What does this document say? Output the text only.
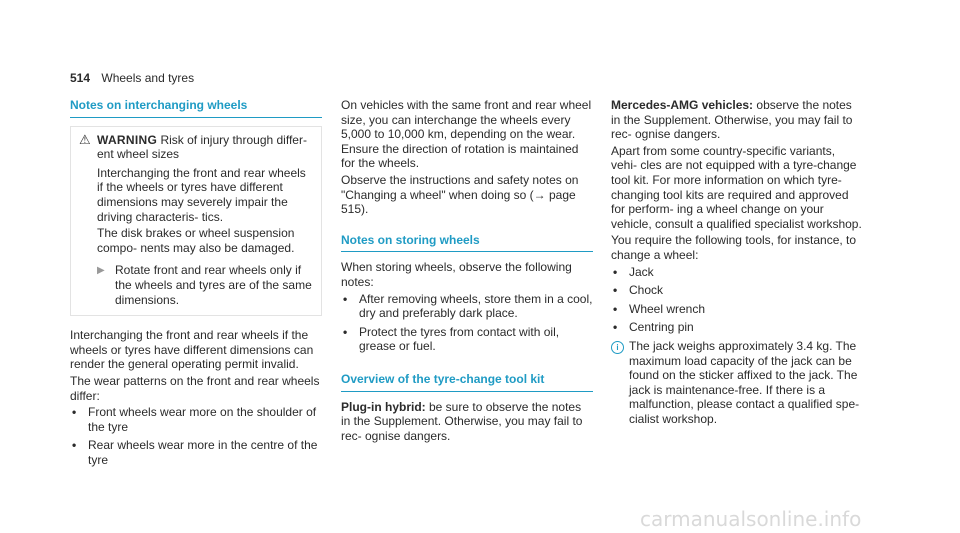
514 Wheels and tyres
Notes on interchanging wheels
⚠ WARNING Risk of injury through differ- ent wheel sizes

Interchanging the front and rear wheels if the wheels or tyres have different dimensions may severely impair the driving characteris- tics.

The disk brakes or wheel suspension compo- nents may also be damaged.

▶ Rotate front and rear wheels only if the wheels and tyres are of the same dimensions.

Interchanging the front and rear wheels if the wheels or tyres have different dimensions can render the general operating permit invalid.

The wear patterns on the front and rear wheels differ:

• Front wheels wear more on the shoulder of the tyre
• Rear wheels wear more in the centre of the tyre

On vehicles with the same front and rear wheel size, you can interchange the wheels every 5,000 to 10,000 km, depending on the wear. Ensure the direction of rotation is maintained for the wheels.

Observe the instructions and safety notes on "Changing a wheel" when doing so (→ page 515).

Notes on storing wheels

When storing wheels, observe the following notes:

• After removing wheels, store them in a cool, dry and preferably dark place.
• Protect the tyres from contact with oil, grease or fuel.
Overview of the tyre-change tool kit

Plug-in hybrid: be sure to observe the notes in the Supplement. Otherwise, you may fail to rec- ognise dangers.

Mercedes-AMG vehicles: observe the notes in the Supplement. Otherwise, you may fail to rec- ognise dangers.

Apart from some country-specific variants, vehi- cles are not equipped with a tyre-change tool kit. For more information on which tyre-changing tool kits are required and approved for perform- ing a wheel change on your vehicle, consult a qualified specialist workshop.

You require the following tools, for instance, to change a wheel:

• Jack
• Chock
• Wheel wrench
• Centring pin
i The jack weighs approximately 3.4 kg. The maximum load capacity of the jack can be found on the sticker affixed to the jack. The jack is maintenance-free. If there is a malfunction, please contact a qualified spe- cialist workshop.
carmanualsonline.info
